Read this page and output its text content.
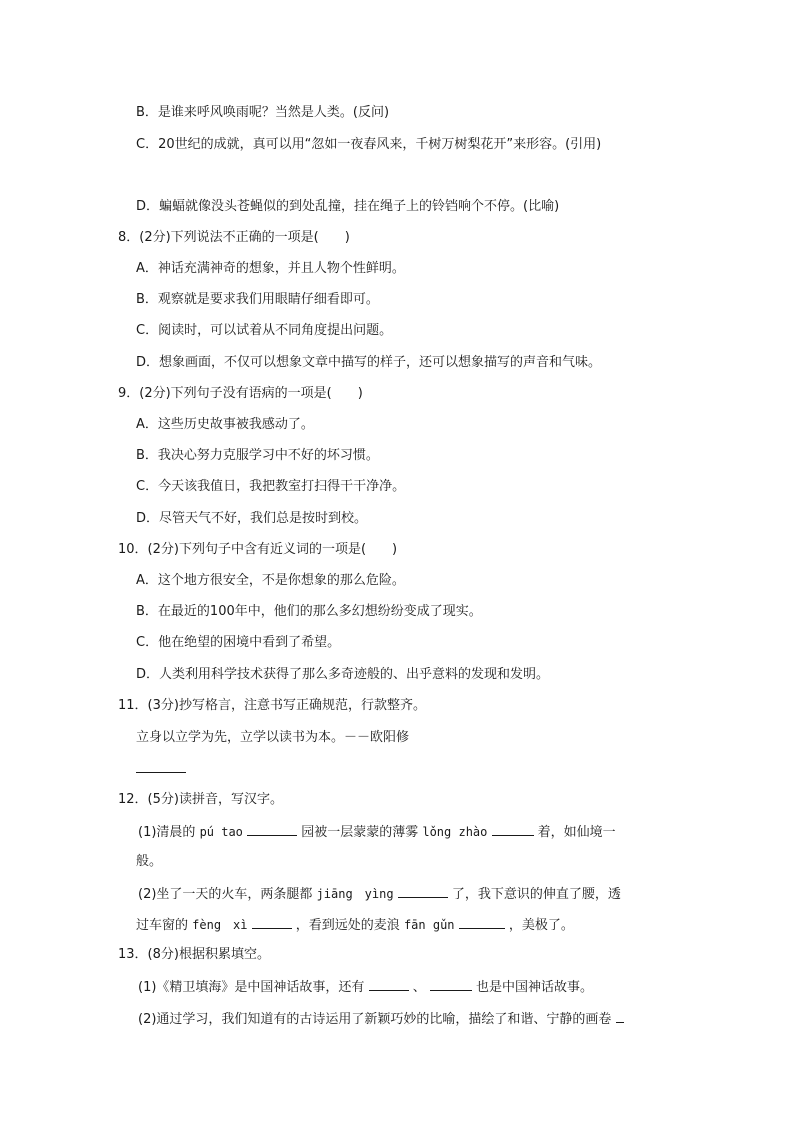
B．是谁来呼风唤雨呢？当然是人类。(反问)
C．20世纪的成就，真可以用“忽如一夜春风来，千树万树梨花开”来形容。(引用)
D．蝙蝠就像没头苍蝇似的到处乱撞，挂在绳子上的铃铛响个不停。(比喻)
8．(2分)下列说法不正确的一项是(　　)
A．神话充满神奇的想象，并且人物个性鲜明。
B．观察就是要求我们用眼睛仔细看即可。
C．阅读时，可以试着从不同角度提出问题。
D．想象画面，不仅可以想象文章中描写的样子，还可以想象描写的声音和气味。
9．(2分)下列句子没有语病的一项是(　　)
A．这些历史故事被我感动了。
B．我决心努力克服学习中不好的坏习惯。
C．今天该我值日，我把教室打扫得干干净净。
D．尽管天气不好，我们总是按时到校。
10．(2分)下列句子中含有近义词的一项是(　　)
A．这个地方很安全，不是你想象的那么危险。
B．在最近的100年中，他们的那么多幻想纷纷变成了现实。
C．他在绝望的困境中看到了希望。
D．人类利用科学技术获得了那么多奇迹般的、出乎意料的发现和发明。
11．(3分)抄写格言，注意书写正确规范，行款整齐。
立身以立学为先，立学以读书为本。－－欧阳修
12．(5分)读拼音，写汉字。
(1)清晨的 pú tao	园被一层蒙蒙的薄雾 lǒng zhào	着，如仙境一
般。
(2)坐了一天的火车，两条腿都 jiāng　yìng	了，我下意识的伸直了腰，透
过车窗的 fèng　xì	，看到远处的麦浪 fān gǔn	，美极了。
13．(8分)根据积累填空。
(1)《精卫填海》是中国神话故事，还有	、	也是中国神话故事。
(2)通过学习，我们知道有的古诗运用了新颖巧妙的比喻，描绘了和谐、宁静的画卷
